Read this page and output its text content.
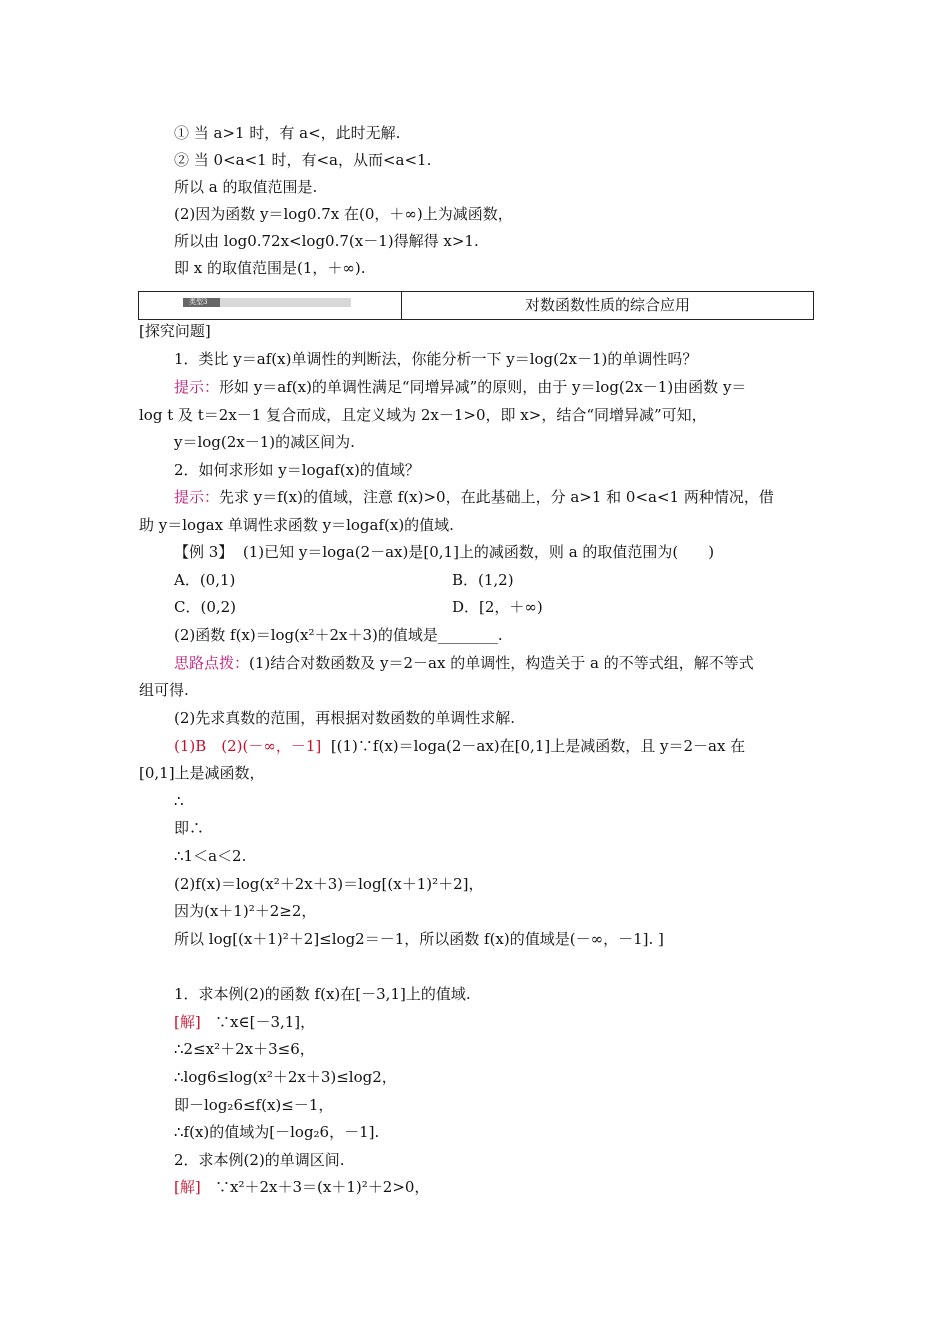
① 当 a>1 时，有 a<，此时无解.
② 当 0<a<1 时，有<a，从而<a<1.
所以 a 的取值范围是.
(2)因为函数 y＝log0.7x 在(0，＋∞)上为减函数，
所以由 log0.72x<log0.7(x－1)得解得 x>1.
即 x 的取值范围是(1，＋∞).
类型3	对数函数性质的综合应用
[探究问题]
1．类比 y＝af(x)单调性的判断法，你能分析一下 y＝log(2x－1)的单调性吗？
提示：形如 y＝af(x)的单调性满足“同增异减”的原则，由于 y＝log(2x－1)由函数 y＝
log t 及 t＝2x－1 复合而成，且定义域为 2x－1>0，即 x>，结合“同增异减”可知，
y＝log(2x－1)的减区间为.
2．如何求形如 y＝logaf(x)的值域？
提示：先求 y＝f(x)的值域，注意 f(x)>0，在此基础上，分 a>1 和 0<a<1 两种情况，借
助 y＝logax 单调性求函数 y＝logaf(x)的值域.
【例 3】 (1)已知 y＝loga(2－ax)是[0,1]上的减函数，则 a 的取值范围为(　　)
A．(0,1)	B．(1,2)
C．(0,2)	D．[2，＋∞)
(2)函数 f(x)＝log(x²＋2x＋3)的值域是________.
思路点拨：(1)结合对数函数及 y＝2－ax 的单调性，构造关于 a 的不等式组，解不等式
组可得.
(2)先求真数的范围，再根据对数函数的单调性求解.
(1)B　(2)(－∞，－1] [(1)∵f(x)＝loga(2－ax)在[0,1]上是减函数，且 y＝2－ax 在
[0,1]上是减函数，
∴
即∴
∴1＜a＜2.
(2)f(x)＝log(x²＋2x＋3)＝log[(x＋1)²＋2]，
因为(x＋1)²＋2≥2，
所以 log[(x＋1)²＋2]≤log2＝－1，所以函数 f(x)的值域是(－∞，－1]. ]
1．求本例(2)的函数 f(x)在[－3,1]上的值域.
[解] ∵x∈[－3,1]，
∴2≤x²＋2x＋3≤6，
∴log6≤log(x²＋2x＋3)≤log2，
即－log₂6≤f(x)≤－1，
∴f(x)的值域为[－log₂6，－1].
2．求本例(2)的单调区间.
[解] ∵x²＋2x＋3＝(x＋1)²＋2>0，
